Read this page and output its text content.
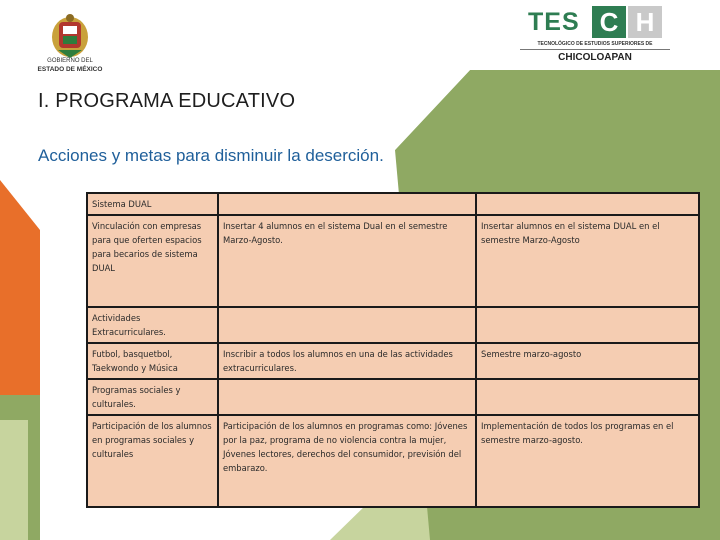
GOBIERNO DEL
ESTADO DE MÉXICO
TES C H
TECNOLÓGICO DE ESTUDIOS SUPERIORES DE
CHICOLOAPAN
I. PROGRAMA EDUCATIVO
Acciones y metas para disminuir la deserción.
Sistema DUAL		
Vinculación con empresas para que oferten espacios para becarios de sistema DUAL	Insertar 4 alumnos en el sistema Dual en el semestre Marzo-Agosto.	Insertar alumnos en el sistema DUAL en el semestre Marzo-Agosto
Actividades Extracurriculares.		
Futbol, basquetbol, Taekwondo y Música	Inscribir a todos los alumnos en una de las actividades extracurriculares.	Semestre marzo-agosto
Programas sociales y culturales.		
Participación de los alumnos en programas sociales y culturales	Participación de los alumnos en programas como: Jóvenes por la paz, programa de no violencia contra la mujer, Jóvenes lectores, derechos del consumidor, previsión del embarazo.	Implementación de todos los programas en el semestre marzo-agosto.
